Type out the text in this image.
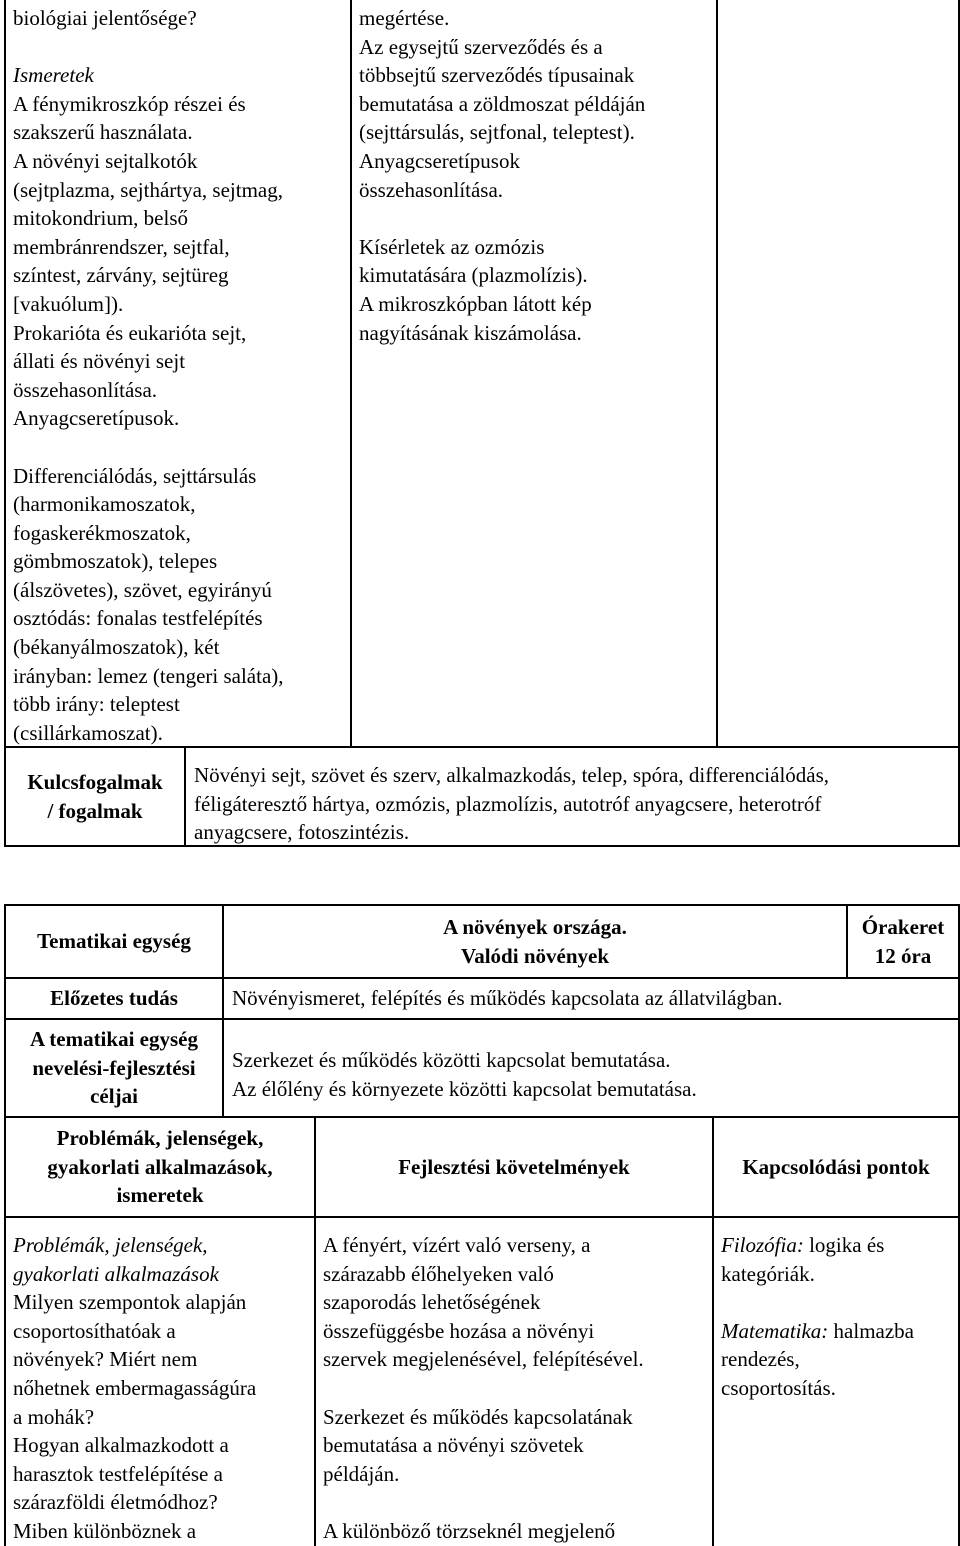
biológiai jelentősége?

Ismeretek

A fénymikroszkóp részei és

szakszerű használata.

A növényi sejtalkotók

(sejtplazma, sejthártya, sejtmag,

mitokondrium, belső

membránrendszer, sejtfal,

színtest, zárvány, sejtüreg

[vakuólum]).

Prokarióta és eukarióta sejt,

állati és növényi sejt

összehasonlítása.

Anyagcseretípusok.

Differenciálódás, sejttársulás

(harmonikamoszatok,

fogaskerékmoszatok,

gömbmoszatok), telepes

(álszövetes), szövet, egyirányú

osztódás: fonalas testfelépítés

(békanyálmoszatok), két

irányban: lemez (tengeri saláta),

több irány: teleptest

(csillárkamoszat).

megértése.

Az egysejtű szerveződés és a

többsejtű szerveződés típusainak

bemutatása a zöldmoszat példáján

(sejttársulás, sejtfonal, teleptest).

Anyagcseretípusok

összehasonlítása.

Kísérletek az ozmózis

kimutatására (plazmolízis).

A mikroszkópban látott kép

nagyításának kiszámolása.

Kulcsfogalmak
/ fogalmak

Növényi sejt, szövet és szerv, alkalmazkodás, telep, spóra, differenciálódás,

féligáteresztő hártya, ozmózis, plazmolízis, autotróf anyagcsere, heterotróf

anyagcsere, fotoszintézis.

Tematikai egység
A növények országa.
Valódi növények
Órakeret
12 óra
Előzetes tudás	Növényismeret, felépítés és működés kapcsolata az állatvilágban.
A tematikai egység
nevelési-fejlesztési
céljai

Szerkezet és működés közötti kapcsolat bemutatása.

Az élőlény és környezete közötti kapcsolat bemutatása.

Problémák, jelenségek,
gyakorlati alkalmazások,
ismeretek
Fejlesztési követelmények	Kapcsolódási pontok

Problémák, jelenségek,

gyakorlati alkalmazások

Milyen szempontok alapján

csoportosíthatóak a

növények? Miért nem

nőhetnek embermagasságúra

a mohák?

Hogyan alkalmazkodott a

harasztok testfelépítése a

szárazföldi életmódhoz?

Miben különböznek a

A fényért, vízért való verseny, a

szárazabb élőhelyeken való

szaporodás lehetőségének

összefüggésbe hozása a növényi

szervek megjelenésével, felépítésével.

Szerkezet és működés kapcsolatának

bemutatása a növényi szövetek

példáján.

A különböző törzseknél megjelenő

Filozófia: logika és

kategóriák.

Matematika: halmazba

rendezés,

csoportosítás.
